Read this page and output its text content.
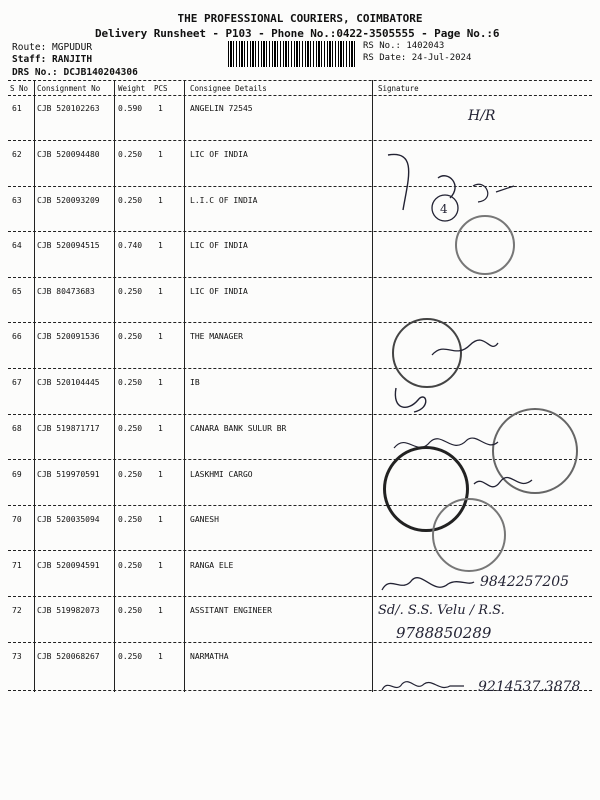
THE PROFESSIONAL COURIERS, COIMBATORE
Delivery Runsheet - P103 - Phone No.:0422-3505555 - Page No.:6
Route: MGPUDUR
Staff: RANJITH
DRS No.: DCJB140204306
RS No.: 1402043
RS Date: 24-Jul-2024
S No Consignment No Weight PCS	Consignee Details	Signature
61 CJB 520102263 0.590 1	ANGELIN 72545
62 CJB 520094480 0.250 1	LIC OF INDIA
63 CJB 520093209 0.250 1	L.I.C OF INDIA
64 CJB 520094515 0.740 1	LIC OF INDIA
65 CJB 80473683	0.250 1	LIC OF INDIA
66 CJB 520091536 0.250 1	THE MANAGER
67 CJB 520104445 0.250 1	IB
68 CJB 519871717 0.250 1	CANARA BANK SULUR BR
69 CJB 519970591 0.250 1	LASKHMI CARGO
70 CJB 520035094 0.250 1	GANESH
71 CJB 520094591 0.250 1	RANGA ELE
72 CJB 519982073 0.250 1	ASSITANT ENGINEER
73 CJB 520068267 0.250 1	NARMATHA
H/R
4
9842257205
Sd/. S.S. Velu / R.S.
9788850289
9214537.3878
